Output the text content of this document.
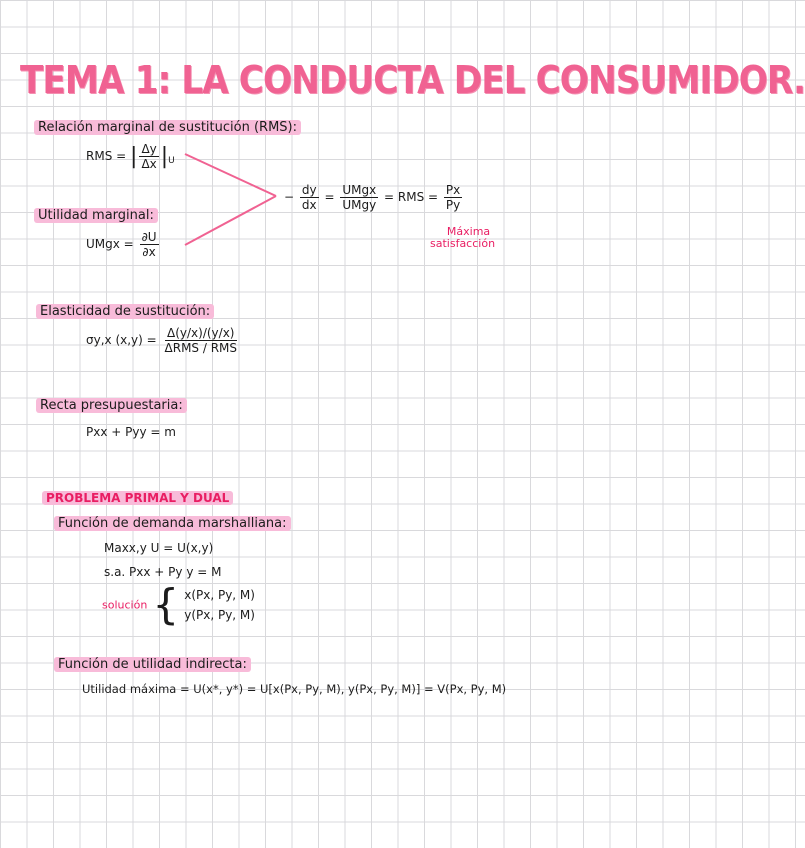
TEMA 1: LA CONDUCTA DEL CONSUMIDOR.
Relación marginal de sustitución (RMS):
RMS = | $\frac{\Delta y}{\Delta x} |_U$
Utilidad marginal:
UMgx = $\frac{\partial U}{\partial x}$
− $\frac{dy}{dx} = \frac{\text{UMgx}}{\text{UMgy}}$ = RMS = $\frac{Px}{Py}$
Máxima
satisfacción
Elasticidad de sustitución:
σy,x $(x,y) = \frac{\Delta(y/x)/(y/x)}{\text{ΔRMS / RMS}}$
Recta presupuestaria:
Pxx + Pyy = m
PROBLEMA PRIMAL Y DUAL
Función de demanda marshalliana:
Maxx,y U = U(x,y)
s.a. Pxx + Py y = M
solución { x(Px, Py, M)
y(Px, Py, M)
Función de utilidad indirecta:
Utilidad máxima = U(x*, y*) = U[x(Px, Py, M), y(Px, Py, M)] = V(Px, Py, M)
